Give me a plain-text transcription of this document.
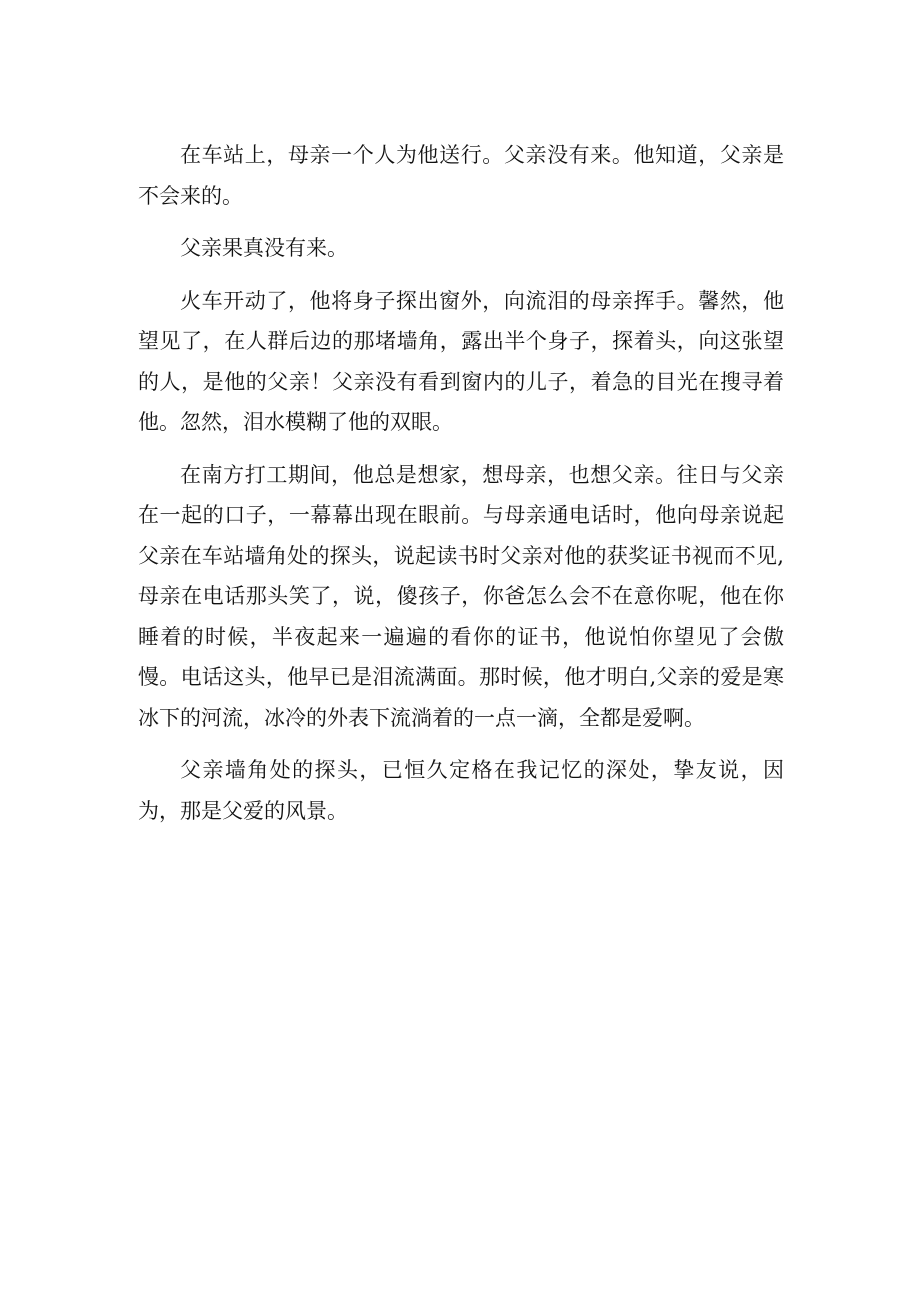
在车站上，母亲一个人为他送行。父亲没有来。他知道，父亲是不会来的。

父亲果真没有来。

火车开动了，他将身子探出窗外，向流泪的母亲挥手。馨然，他望见了，在人群后边的那堵墙角，露出半个身子，探着头，向这张望的人，是他的父亲！父亲没有看到窗内的儿子，着急的目光在搜寻着他。忽然，泪水模糊了他的双眼。

在南方打工期间，他总是想家，想母亲，也想父亲。往日与父亲在一起的口子，一幕幕出现在眼前。与母亲通电话时，他向母亲说起父亲在车站墙角处的探头，说起读书时父亲对他的获奖证书视而不见,母亲在电话那头笑了，说，傻孩子，你爸怎么会不在意你呢，他在你睡着的时候，半夜起来一遍遍的看你的证书，他说怕你望见了会傲慢。电话这头，他早已是泪流满面。那时候，他才明白,父亲的爱是寒冰下的河流，冰冷的外表下流淌着的一点一滴，全都是爱啊。

父亲墙角处的探头，已恒久定格在我记忆的深处，挚友说，因为，那是父爱的风景。
